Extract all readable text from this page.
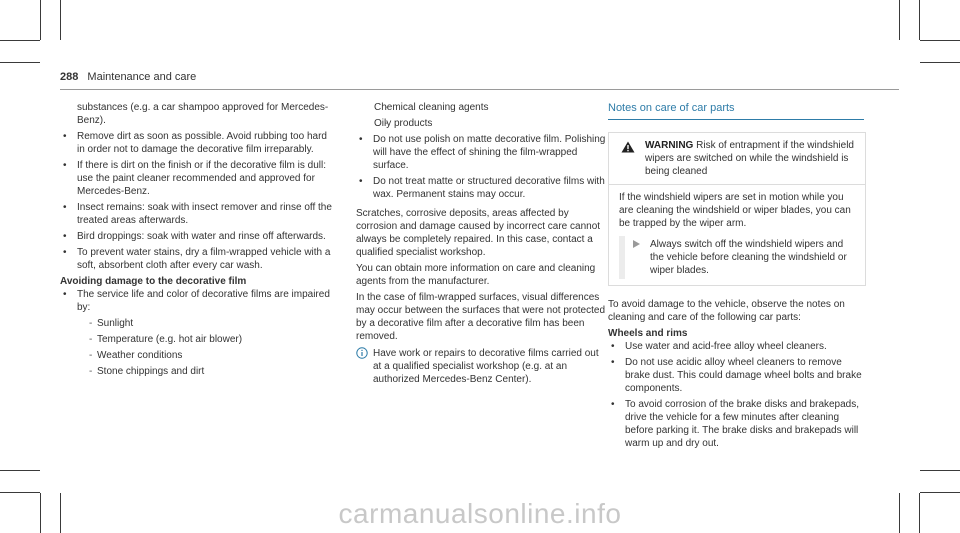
288 Maintenance and care
substances (e.g. a car shampoo approved for Mercedes-Benz).
• Remove dirt as soon as possible. Avoid rubbing too hard in order not to damage the decorative film irreparably.
• If there is dirt on the finish or if the decorative film is dull: use the paint cleaner recommended and approved for Mercedes-Benz.
• Insect remains: soak with insect remover and rinse off the treated areas afterwards.
• Bird droppings: soak with water and rinse off afterwards.
• To prevent water stains, dry a film-wrapped vehicle with a soft, absorbent cloth after every car wash.
Avoiding damage to the decorative film
• The service life and color of decorative films are impaired by:
- Sunlight
- Temperature (e.g. hot air blower)
- Weather conditions
- Stone chippings and dirt
- Chemical cleaning agents
- Oily products
• Do not use polish on matte decorative film. Polishing will have the effect of shining the film-wrapped surface.
• Do not treat matte or structured decorative films with wax. Permanent stains may occur.
Scratches, corrosive deposits, areas affected by corrosion and damage caused by incorrect care cannot always be completely repaired. In this case, contact a qualified specialist workshop.
You can obtain more information on care and cleaning agents from the manufacturer.
In the case of film-wrapped surfaces, visual differences may occur between the surfaces that were not protected by a decorative film after a decorative film has been removed.
Have work or repairs to decorative films carried out at a qualified specialist workshop (e.g. at an authorized Mercedes-Benz Center).
Notes on care of car parts
WARNING Risk of entrapment if the windshield wipers are switched on while the windshield is being cleaned
If the windshield wipers are set in motion while you are cleaning the windshield or wiper blades, you can be trapped by the wiper arm.
Always switch off the windshield wipers and the vehicle before cleaning the windshield or wiper blades.
To avoid damage to the vehicle, observe the notes on cleaning and care of the following car parts:
Wheels and rims
• Use water and acid-free alloy wheel cleaners.
• Do not use acidic alloy wheel cleaners to remove brake dust. This could damage wheel bolts and brake components.
• To avoid corrosion of the brake disks and brakepads, drive the vehicle for a few minutes after cleaning before parking it. The brake disks and brakepads will warm up and dry out.
carmanualsonline.info
